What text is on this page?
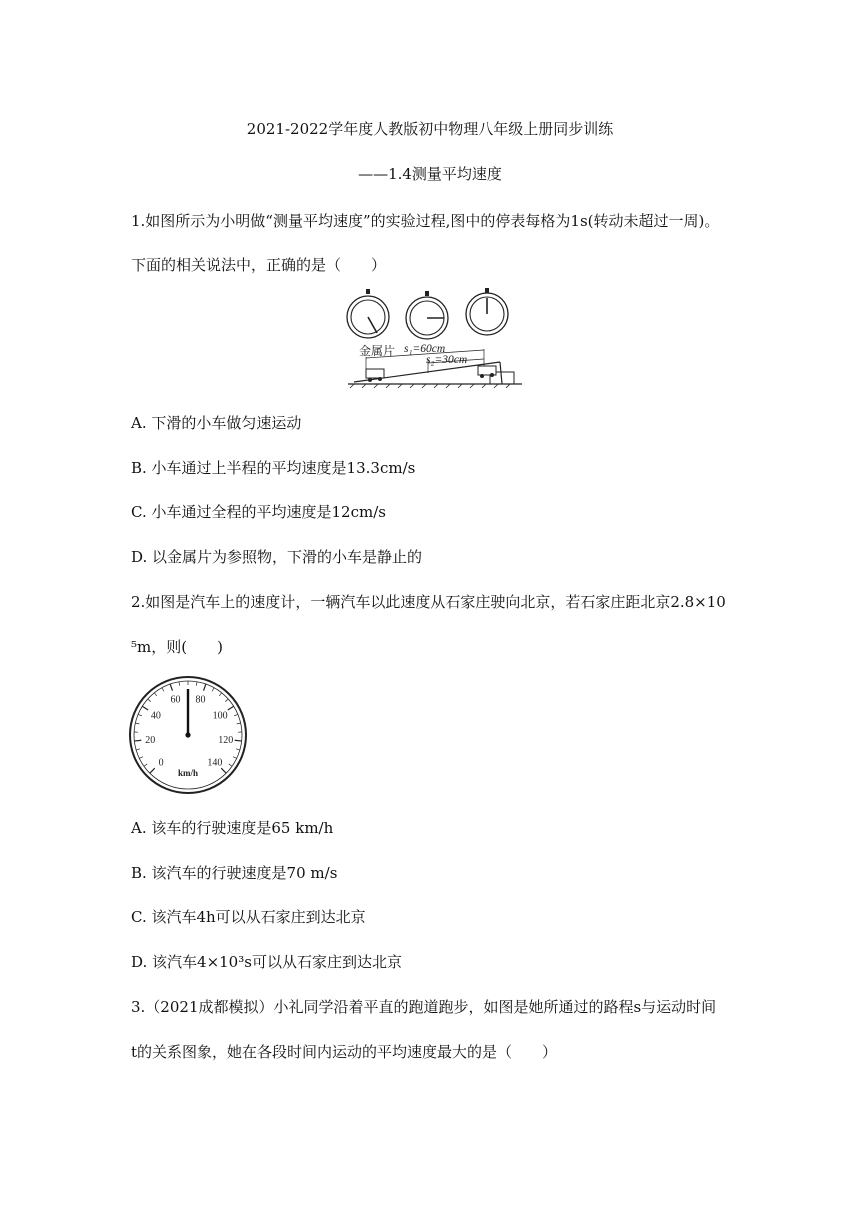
2021-2022学年度人教版初中物理八年级上册同步训练
——1.4测量平均速度
1.如图所示为小明做“测量平均速度”的实验过程,图中的停表每格为1s(转动未超过一周)。
下面的相关说法中，正确的是（　　）
金属片 s₁=60cm
s₂=30cm
A. 下滑的小车做匀速运动
B. 小车通过上半程的平均速度是13.3cm/s
C. 小车通过全程的平均速度是12cm/s
D. 以金属片为参照物，下滑的小车是静止的
2.如图是汽车上的速度计，一辆汽车以此速度从石家庄驶向北京，若石家庄距北京2.8×10
⁵m，则(　　)
0
20
40
60 80
100
120
140
km/h
A. 该车的行驶速度是65 km/h
B. 该汽车的行驶速度是70 m/s
C. 该汽车4h可以从石家庄到达北京
D. 该汽车4×10³s可以从石家庄到达北京
3.（2021成都模拟）小礼同学沿着平直的跑道跑步，如图是她所通过的路程s与运动时间
t的关系图象，她在各段时间内运动的平均速度最大的是（　　）
